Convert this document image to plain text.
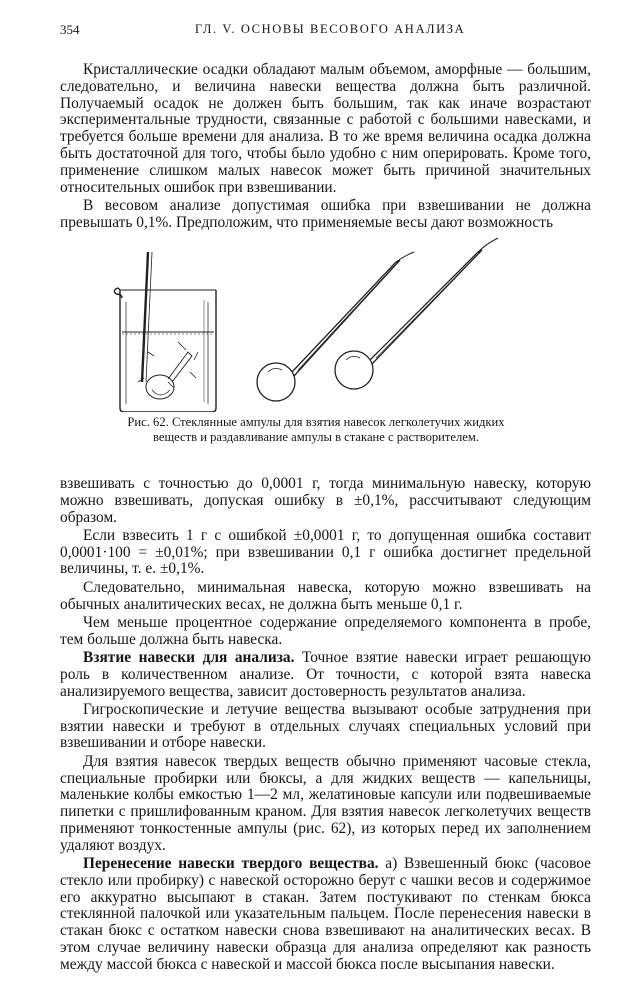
354	ГЛ. V. ОСНОВЫ ВЕСОВОГО АНАЛИЗА

Кристаллические осадки обладают малым объемом, аморфные — большим, следовательно, и величина навески вещества должна быть различной. Получаемый осадок не должен быть большим, так как иначе возрастают экспериментальные трудности, связанные с работой с большими навесками, и требуется больше времени для анализа. В то же время величина осадка должна быть достаточной для того, чтобы было удобно с ним оперировать. Кроме того, применение слишком малых навесок может быть причиной значительных относительных ошибок при взвешивании.

В весовом анализе допустимая ошибка при взвешивании не должна превышать 0,1%. Предположим, что применяемые весы дают возможность

Рис. 62. Стеклянные ампулы для взятия навесок легколетучих жидких веществ и раздавливание ампулы в стакане с растворителем.

взвешивать с точностью до 0,0001 г, тогда минимальную навеску, которую можно взвешивать, допуская ошибку в ±0,1%, рассчитывают следующим образом.

Если взвесить 1 г с ошибкой ±0,0001 г, то допущенная ошибка составит 0,0001·100 = ±0,01%; при взвешивании 0,1 г ошибка достигнет предельной величины, т. е. ±0,1%.

Следовательно, минимальная навеска, которую можно взвешивать на обычных аналитических весах, не должна быть меньше 0,1 г.

Чем меньше процентное содержание определяемого компонента в пробе, тем больше должна быть навеска.

Взятие навески для анализа. Точное взятие навески играет решающую роль в количественном анализе. От точности, с которой взята навеска анализируемого вещества, зависит достоверность результатов анализа.

Гигроскопические и летучие вещества вызывают особые затруднения при взятии навески и требуют в отдельных случаях специальных условий при взвешивании и отборе навески.

Для взятия навесок твердых веществ обычно применяют часовые стекла, специальные пробирки или бюксы, а для жидких веществ — капельницы, маленькие колбы емкостью 1—2 мл, желатиновые капсули или подвешиваемые пипетки с пришлифованным краном. Для взятия навесок легколетучих веществ применяют тонкостенные ампулы (рис. 62), из которых перед их заполнением удаляют воздух.

Перенесение навески твердого вещества. а) Взвешенный бюкс (часовое стекло или пробирку) с навеской осторожно берут с чашки весов и содержимое его аккуратно высыпают в стакан. Затем постукивают по стенкам бюкса стеклянной палочкой или указательным пальцем. После перенесения навески в стакан бюкс с остатком навески снова взвешивают на аналитических весах. В этом случае величину навески образца для анализа определяют как разность между массой бюкса с навеской и массой бюкса после высыпания навески.
